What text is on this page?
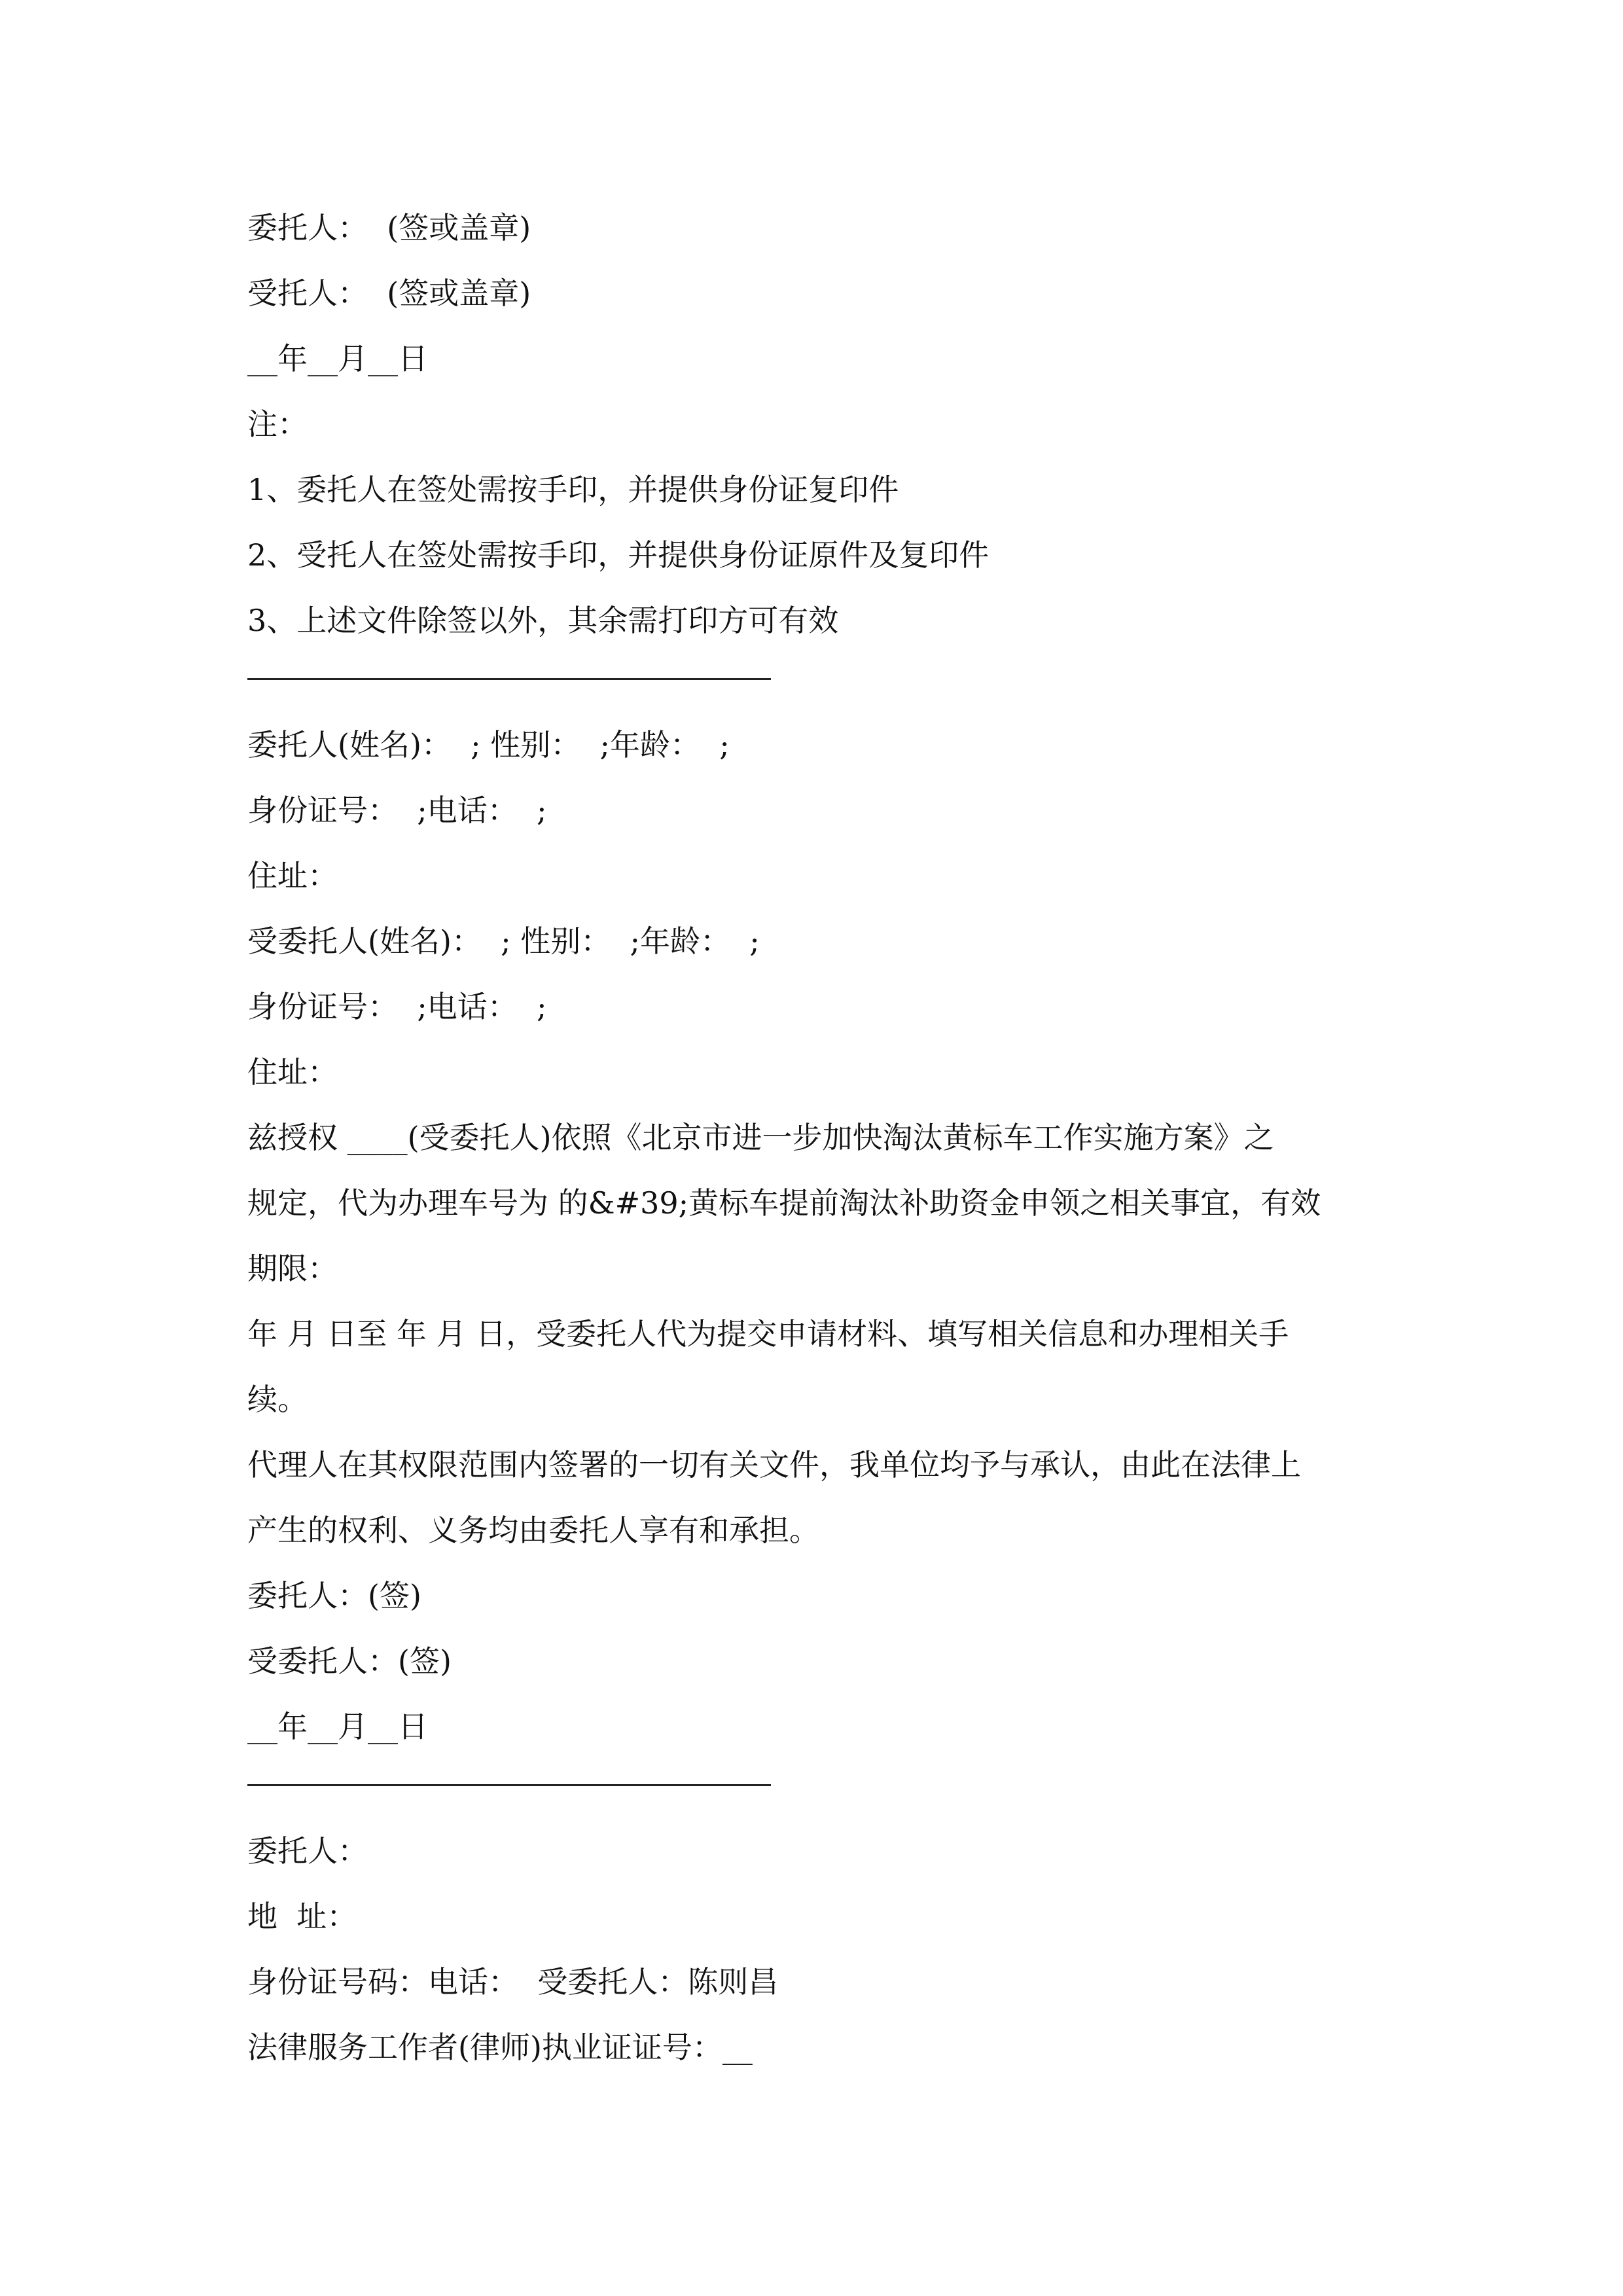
委托人：  (签或盖章)
受托人：  (签或盖章)
__年__月__日
注：
1、委托人在签处需按手印，并提供身份证复印件
2、受托人在签处需按手印，并提供身份证原件及复印件
3、上述文件除签以外，其余需打印方可有效
委托人(姓名)：  ; 性别：  ;年龄：  ;
身份证号：  ;电话：  ;
住址：
受委托人(姓名)：  ; 性别：  ;年龄：  ;
身份证号：  ;电话：  ;
住址：
兹授权 ____(受委托人)依照《北京市进一步加快淘汰黄标车工作实施方案》之
规定，代为办理车号为 的&#39;黄标车提前淘汰补助资金申领之相关事宜，有效
期限：
年 月 日至 年 月 日，受委托人代为提交申请材料、填写相关信息和办理相关手
续。
代理人在其权限范围内签署的一切有关文件，我单位均予与承认，由此在法律上
产生的权利、义务均由委托人享有和承担。
委托人：(签)
受委托人：(签)
__年__月__日
委托人：
地  址：
身份证号码：电话：  受委托人：陈则昌
法律服务工作者(律师)执业证证号：__
